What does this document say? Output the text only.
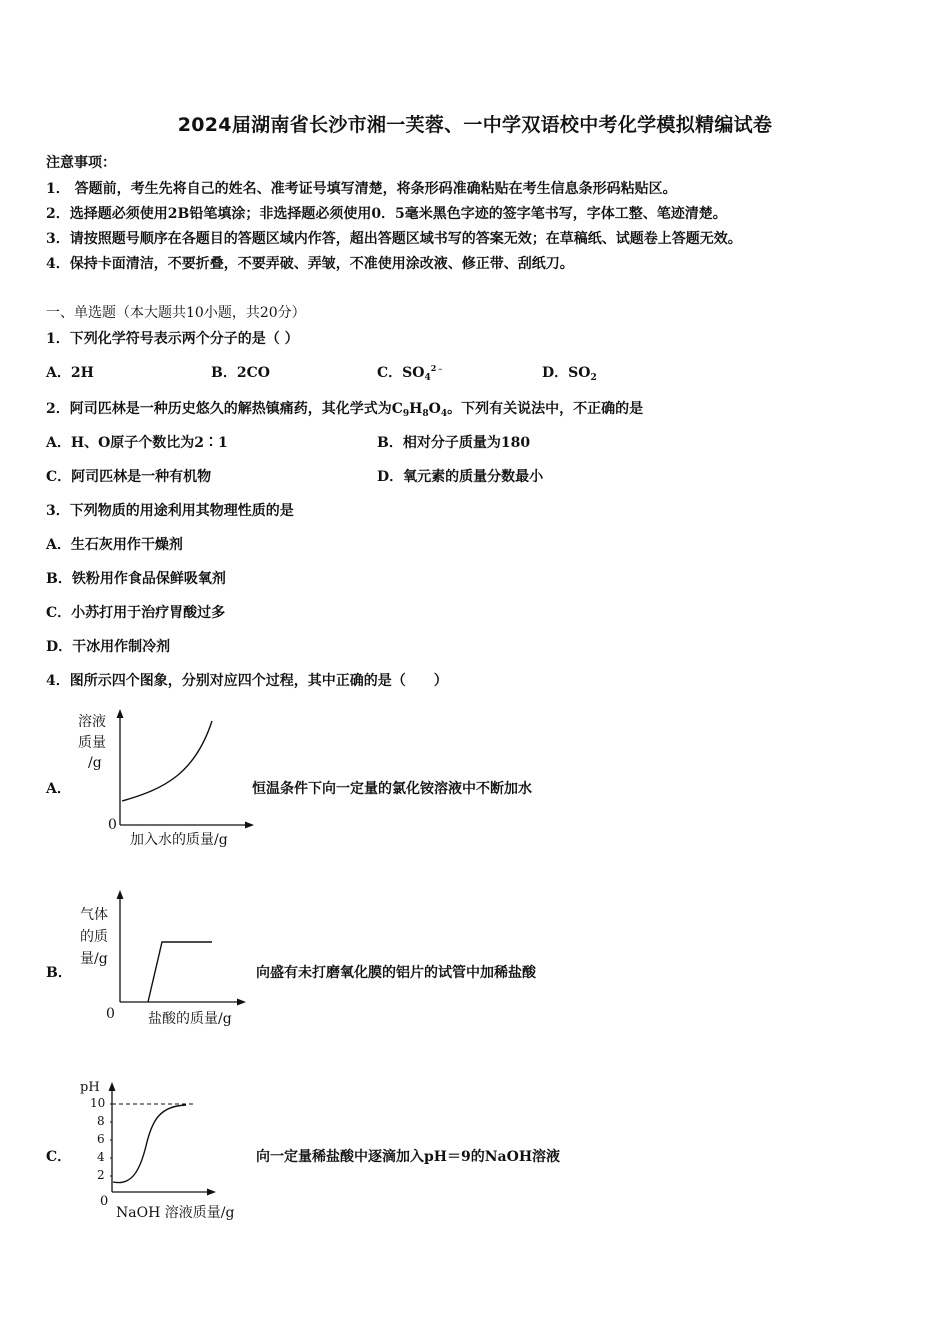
2024届湖南省长沙市湘一芙蓉、一中学双语校中考化学模拟精编试卷
注意事项：
1． 答题前，考生先将自己的姓名、准考证号填写清楚，将条形码准确粘贴在考生信息条形码粘贴区。
2．选择题必须使用2B铅笔填涂；非选择题必须使用0．5毫米黑色字迹的签字笔书写，字体工整、笔迹清楚。
3．请按照题号顺序在各题目的答题区域内作答，超出答题区域书写的答案无效；在草稿纸、试题卷上答题无效。
4．保持卡面清洁，不要折叠，不要弄破、弄皱，不准使用涂改液、修正带、刮纸刀。
一、单选题（本大题共10小题，共20分）
1．下列化学符号表示两个分子的是（ ）
A．2H	B．2CO	C．$SO_4^{2﹣}$	D．$SO_2$
2．阿司匹林是一种历史悠久的解热镇痛药，其化学式为$C_9H_8O_4$。下列有关说法中，不正确的是
A．H、O原子个数比为2∶1	B．相对分子质量为180
C．阿司匹林是一种有机物	D．氧元素的质量分数最小
3．下列物质的用途利用其物理性质的是
A．生石灰用作干燥剂
B．铁粉用作食品保鲜吸氧剂
C．小苏打用于治疗胃酸过多
D．干冰用作制冷剂
4．图所示四个图象，分别对应四个过程，其中正确的是（　　）
A．
溶液
质量
/g
0
加入水的质量/g
恒温条件下向一定量的氯化铵溶液中不断加水
B．
气体
的质
量/g
0 盐酸的质量/g
向盛有未打磨氧化膜的铝片的试管中加稀盐酸
C．
pH
10
8
6
4
2
0
NaOH 溶液质量/g
向一定量稀盐酸中逐滴加入pH＝9的NaOH溶液
